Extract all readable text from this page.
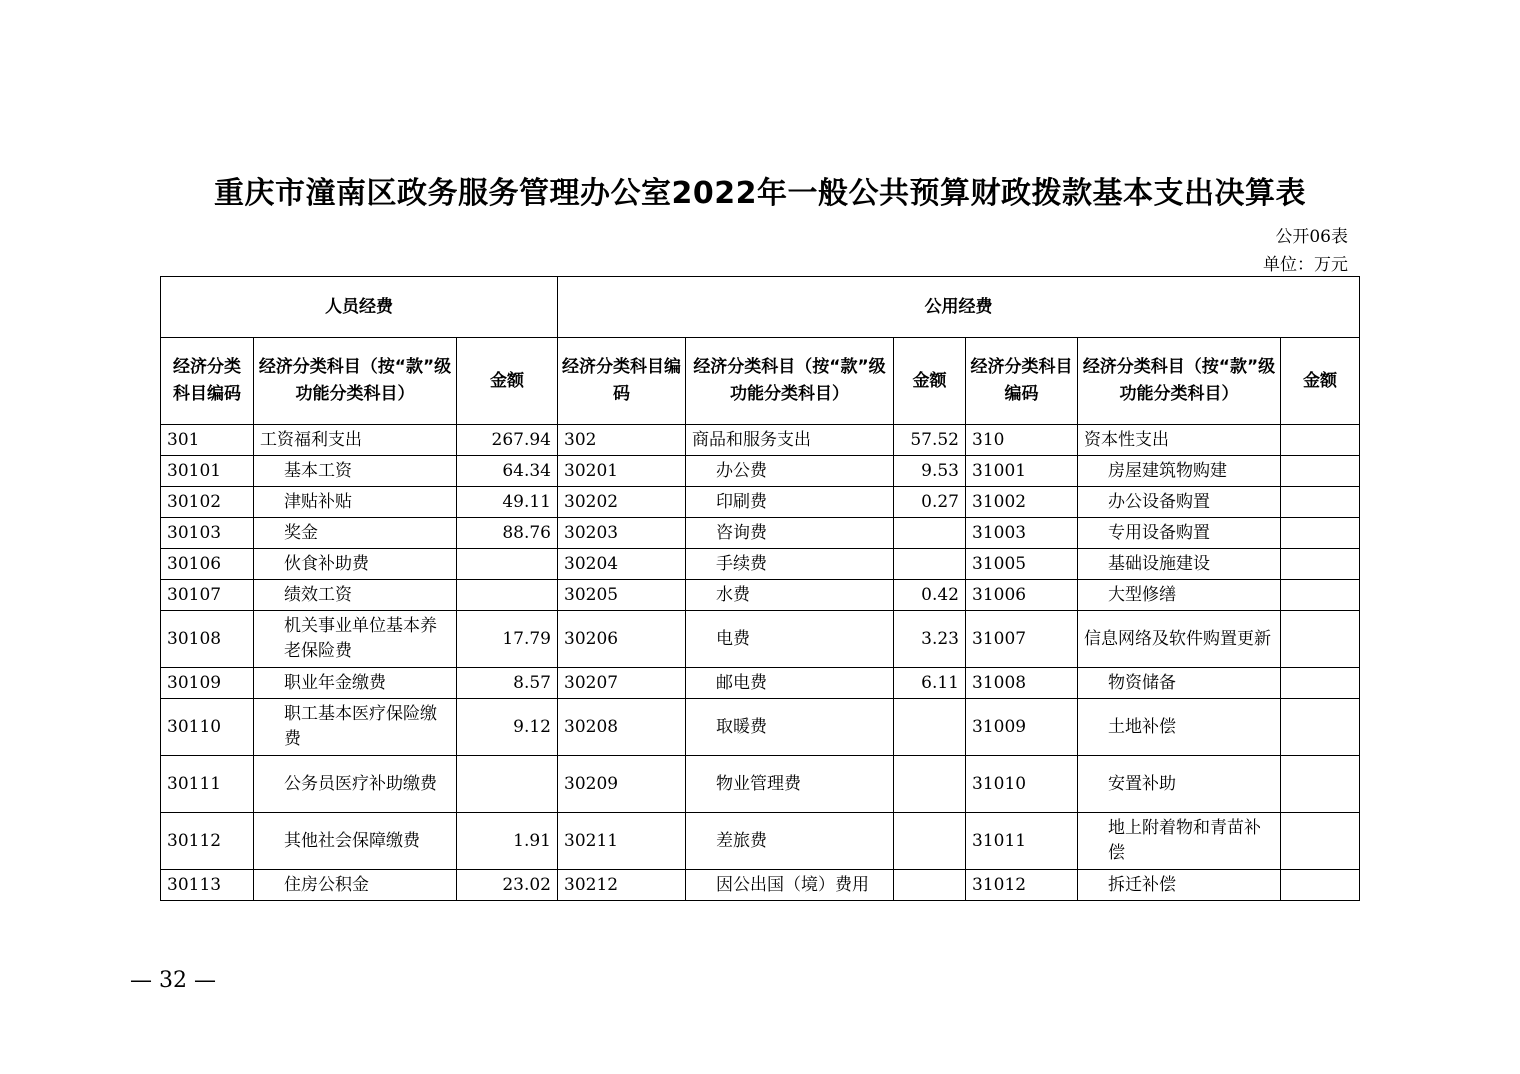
重庆市潼南区政务服务管理办公室2022年一般公共预算财政拨款基本支出决算表
公开06表
单位：万元
人员经费			公用经费					
经济分类科目编码	经济分类科目（按“款”级功能分类科目）	金额	经济分类科目编码	经济分类科目（按“款”级功能分类科目）	金额	经济分类科目编码	经济分类科目（按“款”级功能分类科目）	金额
301	工资福利支出	267.94	302	商品和服务支出	57.52	310	资本性支出	
30101	基本工资	64.34	30201	办公费	9.53	31001	房屋建筑物购建	
30102	津贴补贴	49.11	30202	印刷费	0.27	31002	办公设备购置	
30103	奖金	88.76	30203	咨询费		31003	专用设备购置	
30106	伙食补助费		30204	手续费		31005	基础设施建设	
30107	绩效工资		30205	水费	0.42	31006	大型修缮	
30108	机关事业单位基本养老保险费	17.79	30206	电费	3.23	31007	信息网络及软件购置更新	
30109	职业年金缴费	8.57	30207	邮电费	6.11	31008	物资储备	
30110	职工基本医疗保险缴费	9.12	30208	取暖费		31009	土地补偿	
30111	公务员医疗补助缴费		30209	物业管理费		31010	安置补助	
30112	其他社会保障缴费	1.91	30211	差旅费		31011	地上附着物和青苗补偿	
30113	住房公积金	23.02	30212	因公出国（境）费用		31012	拆迁补偿	
— 32 —
